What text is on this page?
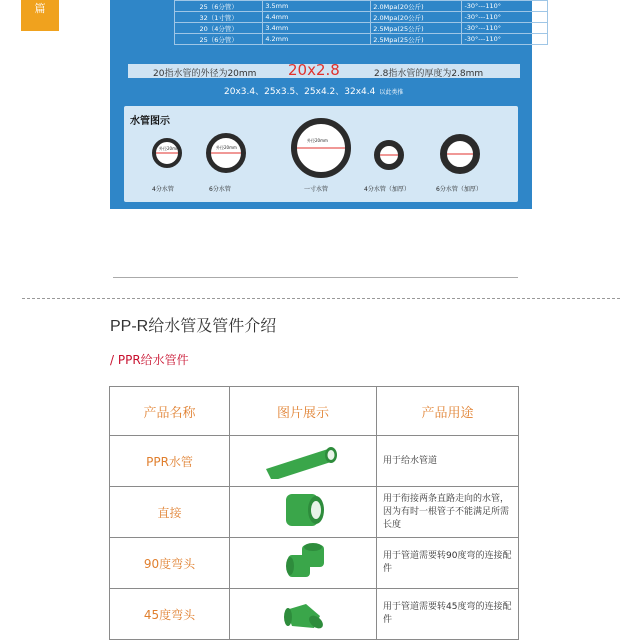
篇	25（6分管）	3.5mm	2.0Mpa(20公斤)	-30°---110°
32（1寸管）	4.4mm	2.0Mpa(20公斤)	-30°---110°
20（4分管）	3.4mm	2.5Mpa(25公斤)	-30°---110°
25（6分管）	4.2mm	2.5Mpa(25公斤)	-30°---110°
20指水管的外径为20mm 20x2.8	2.8指水管的厚度为2.8mm
20x3.4、25x3.5、25x4.2、32x4.4 以此类推
水管图示
外径20mm
4分水管
外径20mm
6分水管
外径20mm
一寸水管	4分水管（加厚）	6分水管（加厚）
PP-R给水管及管件介绍
/ PPR给水管件
产品名称	图片展示	产品用途
PPR水管		用于给水管道
直接		用于衔接两条直路走向的水管，因为有时一根管子不能满足所需长度
90度弯头		用于管道需要转90度弯的连接配件
45度弯头		用于管道需要转45度弯的连接配件
